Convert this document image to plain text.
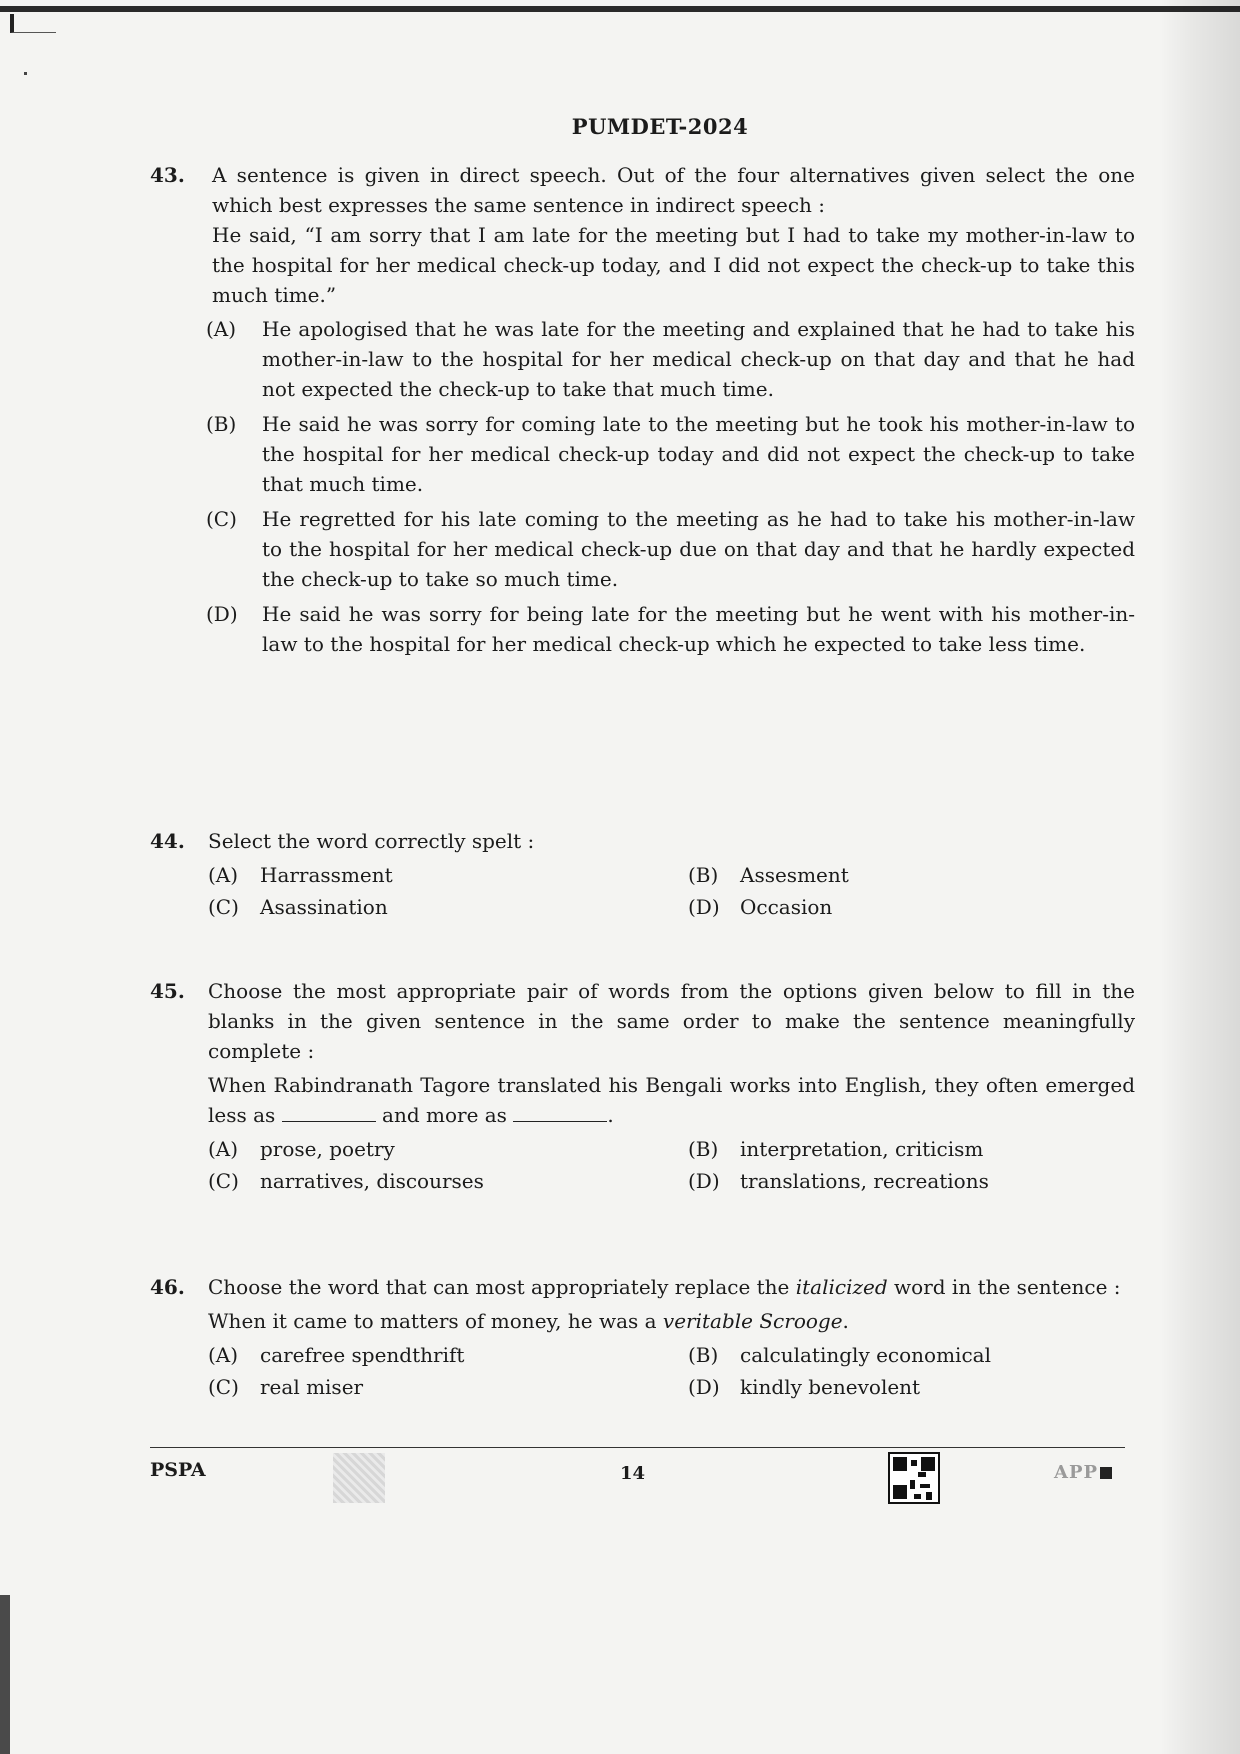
PUMDET-2024
43.	A sentence is given in direct speech. Out of the four alternatives given select the one which best expresses the same sentence in indirect speech :

He said, “I am sorry that I am late for the meeting but I had to take my mother-in-law to the hospital for her medical check-up today, and I did not expect the check-up to take this much time.”

(A)	He apologised that he was late for the meeting and explained that he had to take his mother-in-law to the hospital for her medical check-up on that day and that he had not expected the check-up to take that much time.
(B)	He said he was sorry for coming late to the meeting but he took his mother-in-law to the hospital for her medical check-up today and did not expect the check-up to take that much time.
(C)	He regretted for his late coming to the meeting as he had to take his mother-in-law to the hospital for her medical check-up due on that day and that he hardly expected the check-up to take so much time.
(D)	He said he was sorry for being late for the meeting but he went with his mother-in-law to the hospital for her medical check-up which he expected to take less time.
44.	Select the word correctly spelt :

(A)	Harrassment	(B)	Assesment
(C)	Asassination	(D)	Occasion
45.	Choose the most appropriate pair of words from the options given below to fill in the blanks in the given sentence in the same order to make the sentence meaningfully complete :

When Rabindranath Tagore translated his Bengali works into English, they often emerged less as	and more as	.

(A)	prose, poetry	(B)	interpretation, criticism
(C)	narratives, discourses	(D)	translations, recreations
46.	Choose the word that can most appropriately replace the italicized word in the sentence :

When it came to matters of money, he was a veritable Scrooge.

(A)	carefree spendthrift	(B)	calculatingly economical
(C)	real miser	(D)	kindly benevolent
PSPA	14	APP
